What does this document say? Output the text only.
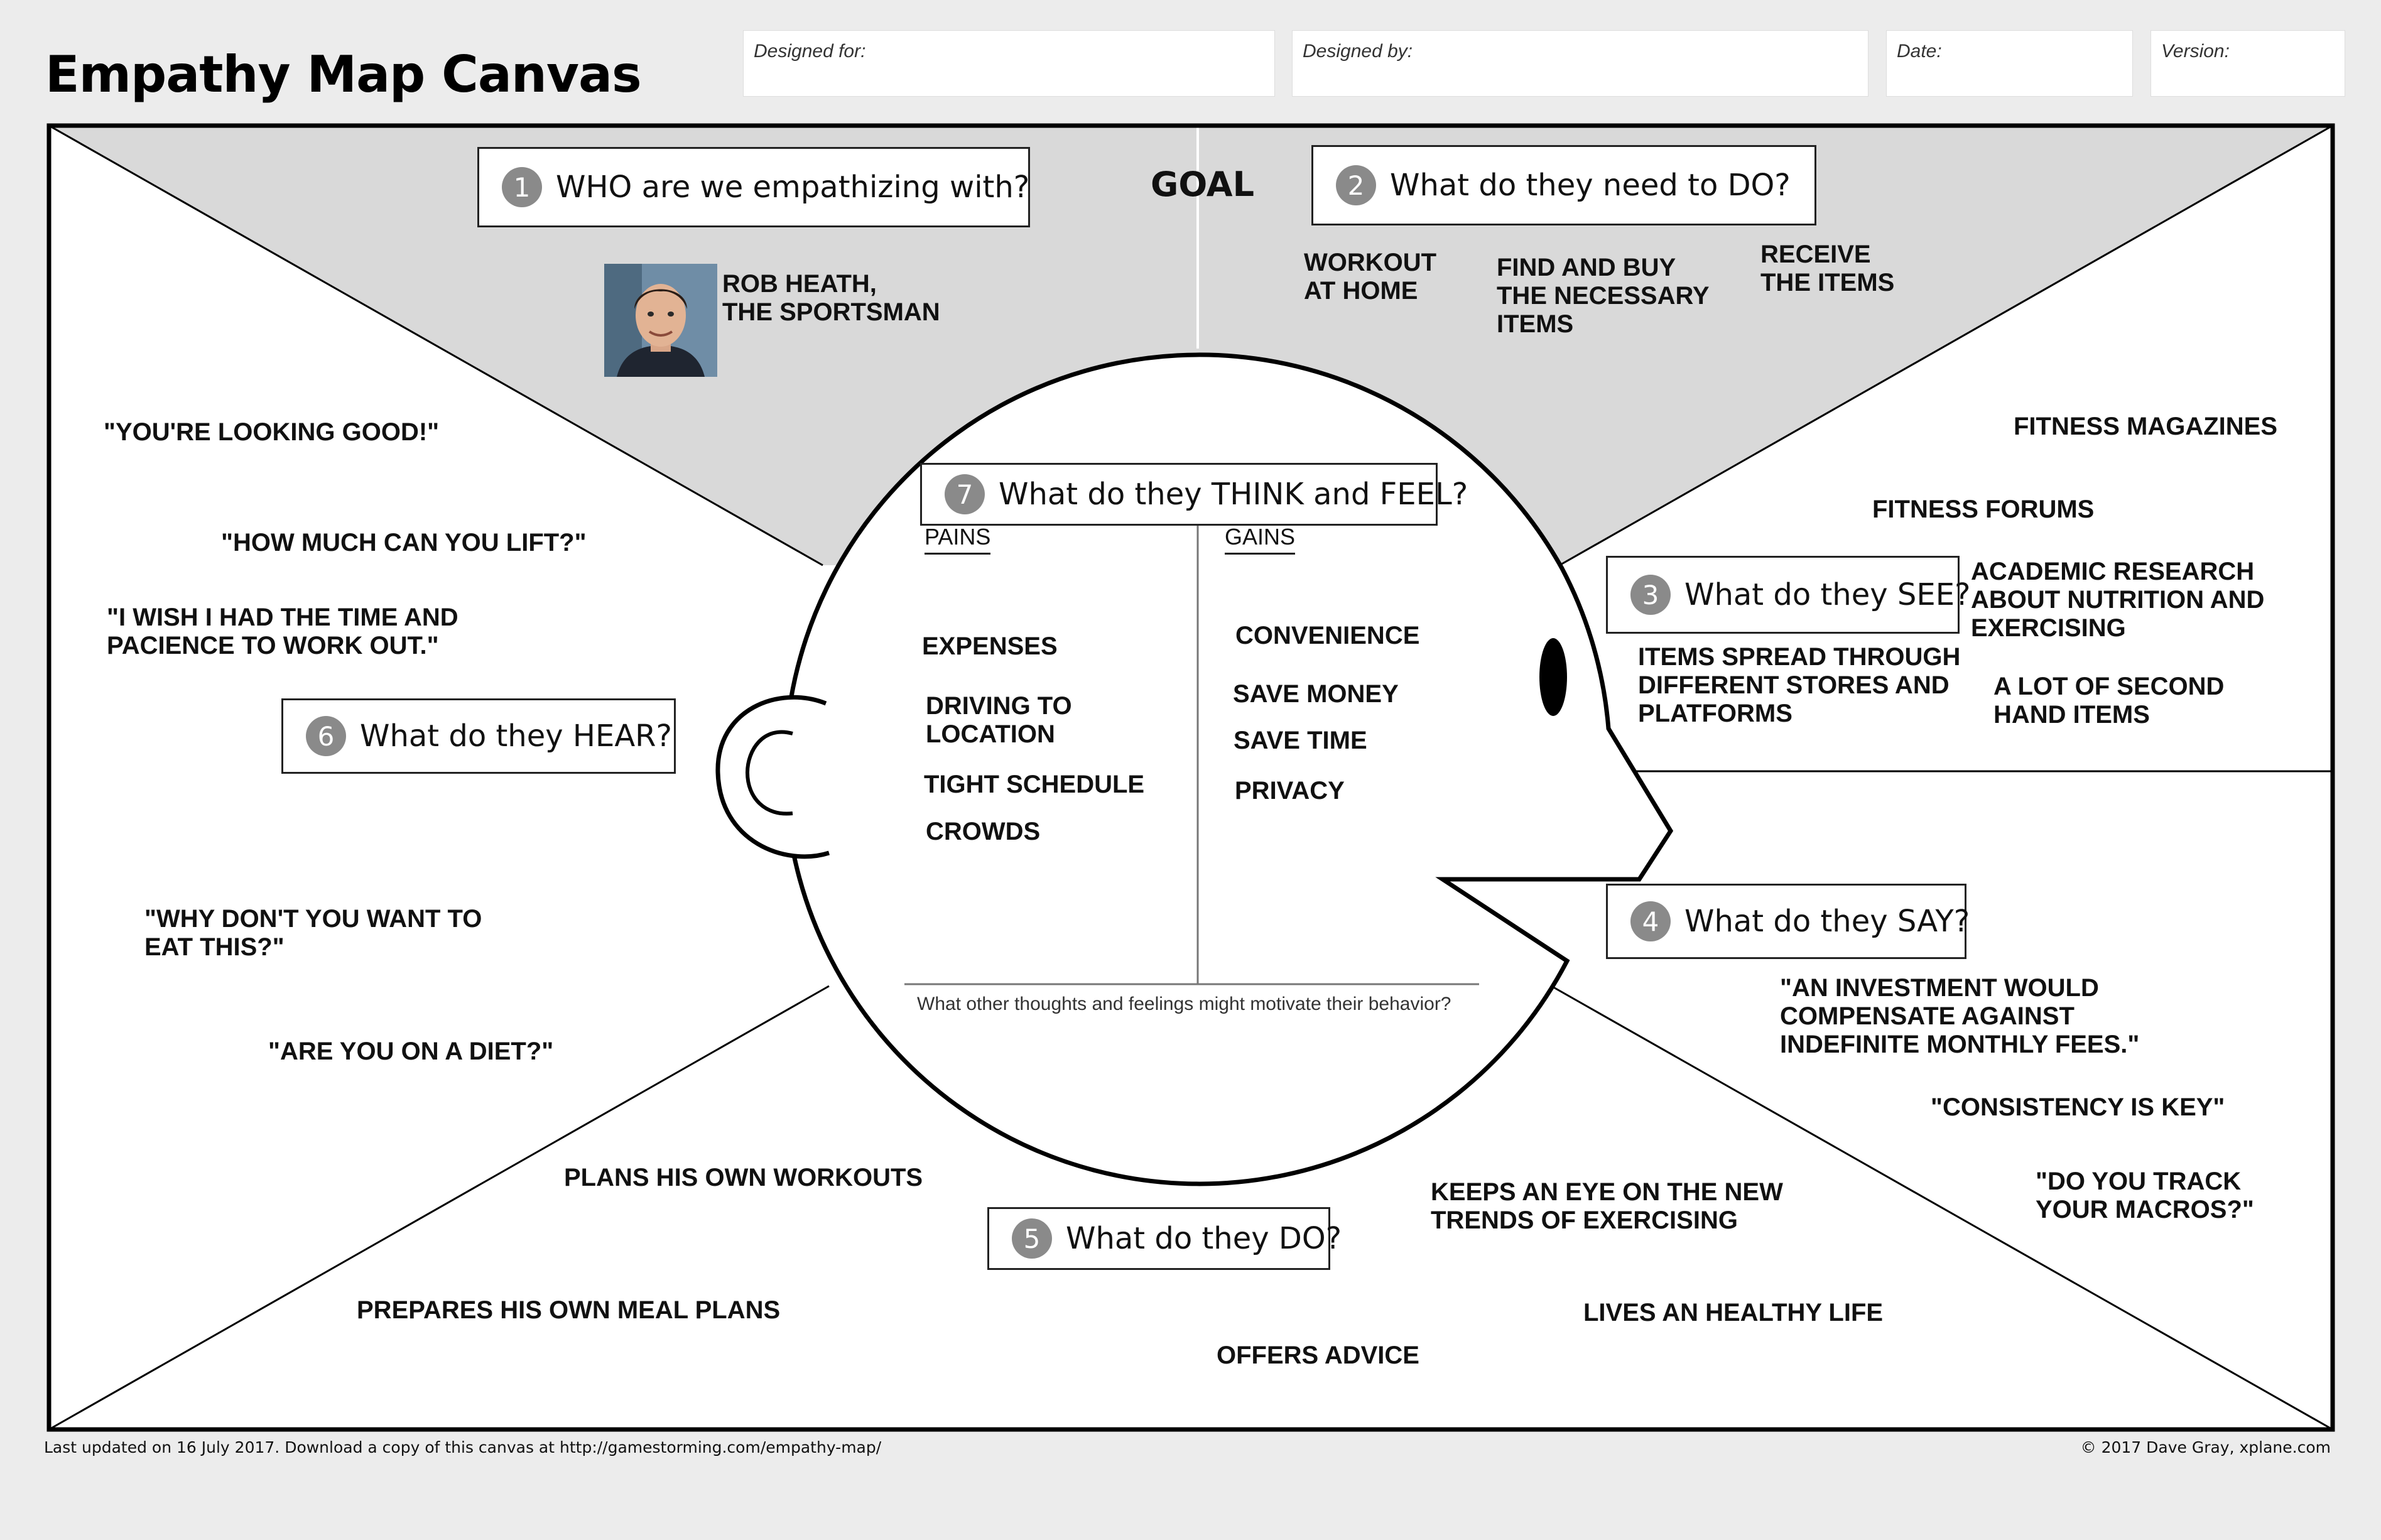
Empathy Map Canvas	Designed for:	Designed by:	Date:	Version:
GOAL
1 WHO are we empathizing with?	2 What do they need to DO?
7 What do they THINK and FEEL?
3 What do they SEE?
6 What do they HEAR?
4 What do they SAY?
5 What do they DO?

ROB HEATH,
THE SPORTSMAN

WORKOUT
AT HOME

FIND AND BUY
THE NECESSARY
ITEMS

RECEIVE
THE ITEMS

"YOU'RE LOOKING GOOD!"

"HOW MUCH CAN YOU LIFT?"

"I WISH I HAD THE TIME AND
PACIENCE TO WORK OUT."

"WHY DON'T YOU WANT TO
EAT THIS?"

"ARE YOU ON A DIET?"

FITNESS MAGAZINES

FITNESS FORUMS

ACADEMIC RESEARCH
ABOUT NUTRITION AND
EXERCISING

ITEMS SPREAD THROUGH
DIFFERENT STORES AND
PLATFORMS

A LOT OF SECOND
HAND ITEMS

"AN INVESTMENT WOULD
COMPENSATE AGAINST
INDEFINITE MONTHLY FEES."

"CONSISTENCY IS KEY"

"DO YOU TRACK
YOUR MACROS?"

PLANS HIS OWN WORKOUTS

PREPARES HIS OWN MEAL PLANS

OFFERS ADVICE

KEEPS AN EYE ON THE NEW
TRENDS OF EXERCISING

LIVES AN HEALTHY LIFE

PAINS	GAINS

EXPENSES

DRIVING TO
LOCATION

TIGHT SCHEDULE

CROWDS

CONVENIENCE

SAVE MONEY

SAVE TIME

PRIVACY

What other thoughts and feelings might motivate their behavior?
Last updated on 16 July 2017. Download a copy of this canvas at http://gamestorming.com/empathy-map/	© 2017 Dave Gray, xplane.com
